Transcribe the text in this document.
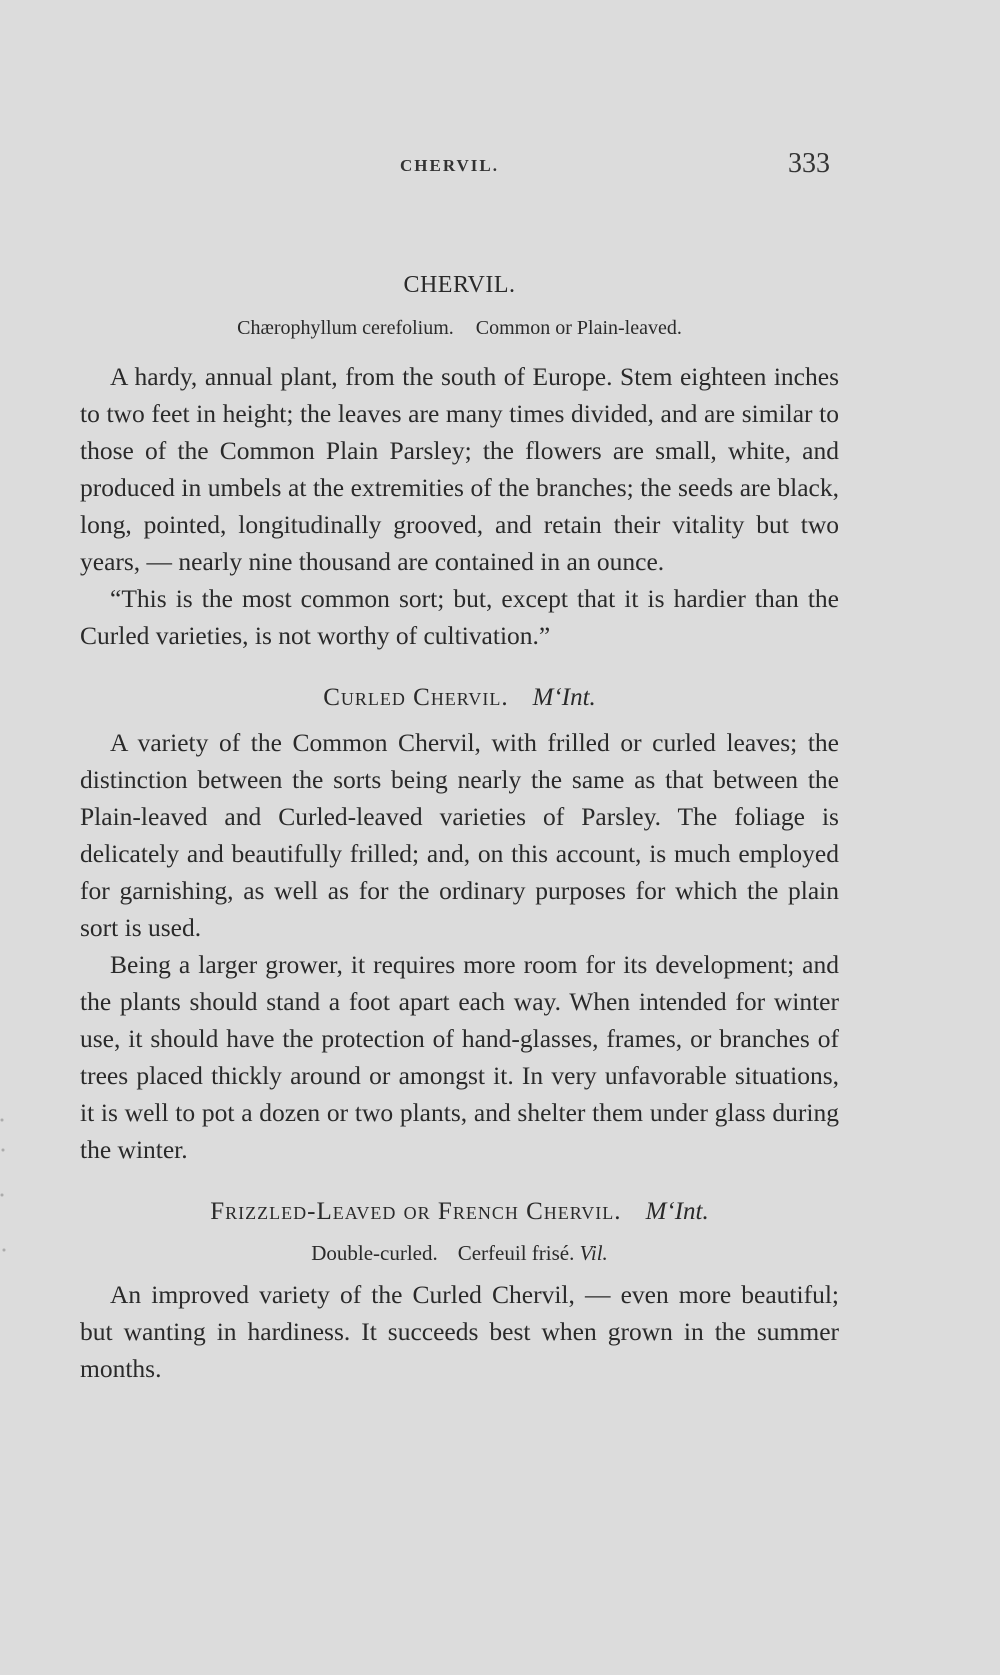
CHERVIL.	333
CHERVIL.
Chærophyllum cerefolium. Common or Plain-leaved.

A hardy, annual plant, from the south of Europe. Stem eighteen inches to two feet in height; the leaves are many times divided, and are similar to those of the Common Plain Parsley; the flowers are small, white, and produced in umbels at the extremities of the branches; the seeds are black, long, pointed, longitudinally grooved, and retain their vitality but two years, — nearly nine thousand are contained in an ounce.

“This is the most common sort; but, except that it is hardier than the Curled varieties, is not worthy of cultivation.”

Curled Chervil. M‘Int.

A variety of the Common Chervil, with frilled or curled leaves; the distinction between the sorts being nearly the same as that between the Plain-leaved and Curled-leaved varieties of Parsley. The foliage is delicately and beautifully frilled; and, on this account, is much employed for garnishing, as well as for the ordinary purposes for which the plain sort is used.

Being a larger grower, it requires more room for its development; and the plants should stand a foot apart each way. When intended for winter use, it should have the protection of hand-glasses, frames, or branches of trees placed thickly around or amongst it. In very unfavorable situations, it is well to pot a dozen or two plants, and shelter them under glass during the winter.

Frizzled-Leaved or French Chervil. M‘Int.
Double-curled. Cerfeuil frisé. Vil.

An improved variety of the Curled Chervil, — even more beautiful; but wanting in hardiness. It succeeds best when grown in the summer months.
